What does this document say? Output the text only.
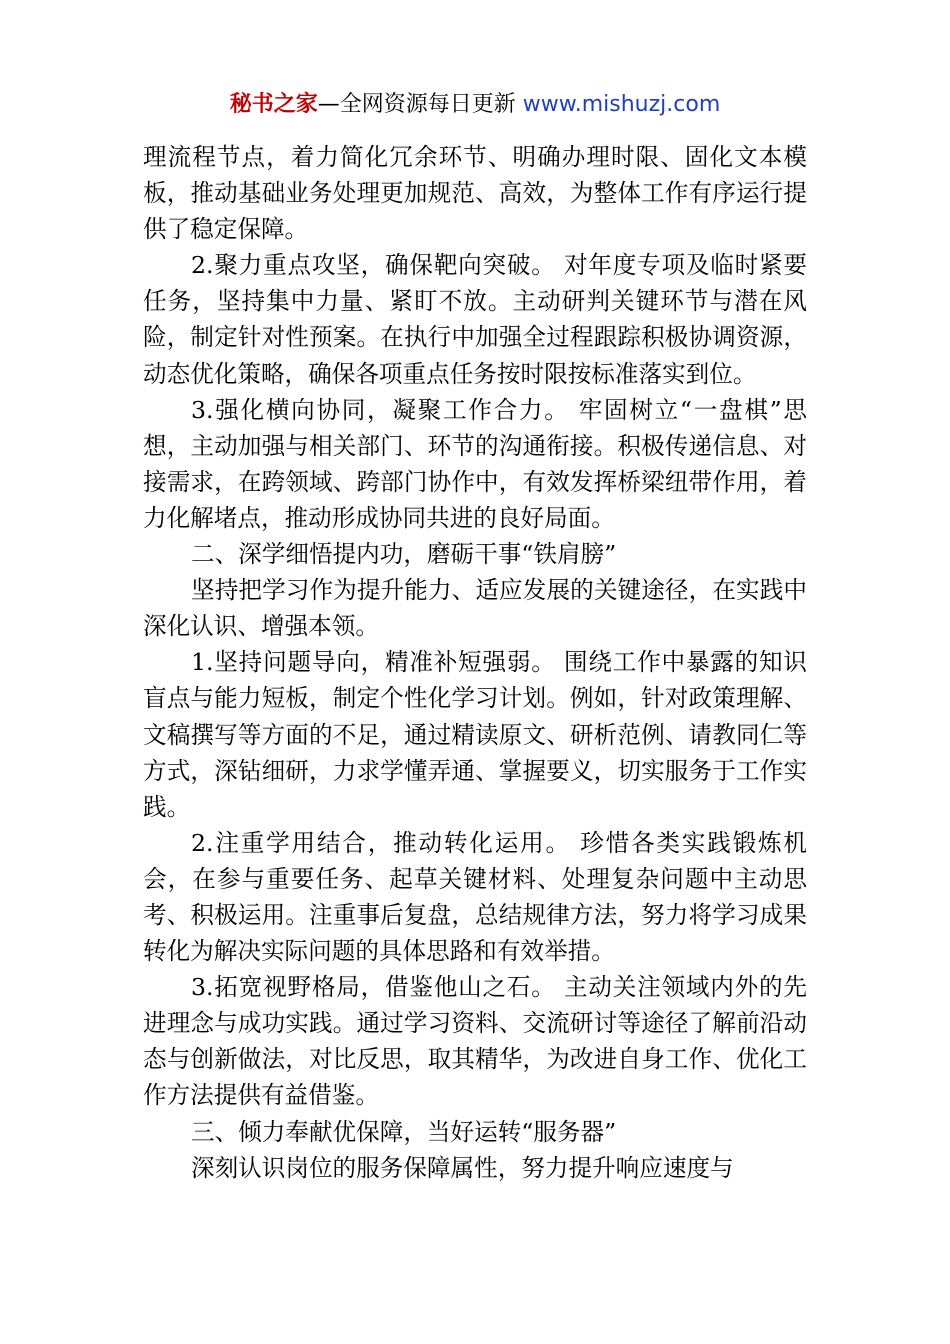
秘书之家—全网资源每日更新 www.mishuzj.com

理流程节点，着力简化冗余环节、明确办理时限、固化文本模板，推动基础业务处理更加规范、高效，为整体工作有序运行提供了稳定保障。

2.聚力重点攻坚，确保靶向突破。 对年度专项及临时紧要任务，坚持集中力量、紧盯不放。主动研判关键环节与潜在风险，制定针对性预案。在执行中加强全过程跟踪积极协调资源，动态优化策略，确保各项重点任务按时限按标准落实到位。

3.强化横向协同，凝聚工作合力。 牢固树立“一盘棋”思想，主动加强与相关部门、环节的沟通衔接。积极传递信息、对接需求，在跨领域、跨部门协作中，有效发挥桥梁纽带作用，着力化解堵点，推动形成协同共进的良好局面。

二、深学细悟提内功，磨砺干事“铁肩膀”

坚持把学习作为提升能力、适应发展的关键途径，在实践中深化认识、增强本领。

1.坚持问题导向，精准补短强弱。 围绕工作中暴露的知识盲点与能力短板，制定个性化学习计划。例如，针对政策理解、文稿撰写等方面的不足，通过精读原文、研析范例、请教同仁等方式，深钻细研，力求学懂弄通、掌握要义，切实服务于工作实践。

2.注重学用结合，推动转化运用。 珍惜各类实践锻炼机会，在参与重要任务、起草关键材料、处理复杂问题中主动思考、积极运用。注重事后复盘，总结规律方法，努力将学习成果转化为解决实际问题的具体思路和有效举措。

3.拓宽视野格局，借鉴他山之石。 主动关注领域内外的先进理念与成功实践。通过学习资料、交流研讨等途径了解前沿动态与创新做法，对比反思，取其精华，为改进自身工作、优化工作方法提供有益借鉴。

三、倾力奉献优保障，当好运转“服务器”

深刻认识岗位的服务保障属性，努力提升响应速度与
